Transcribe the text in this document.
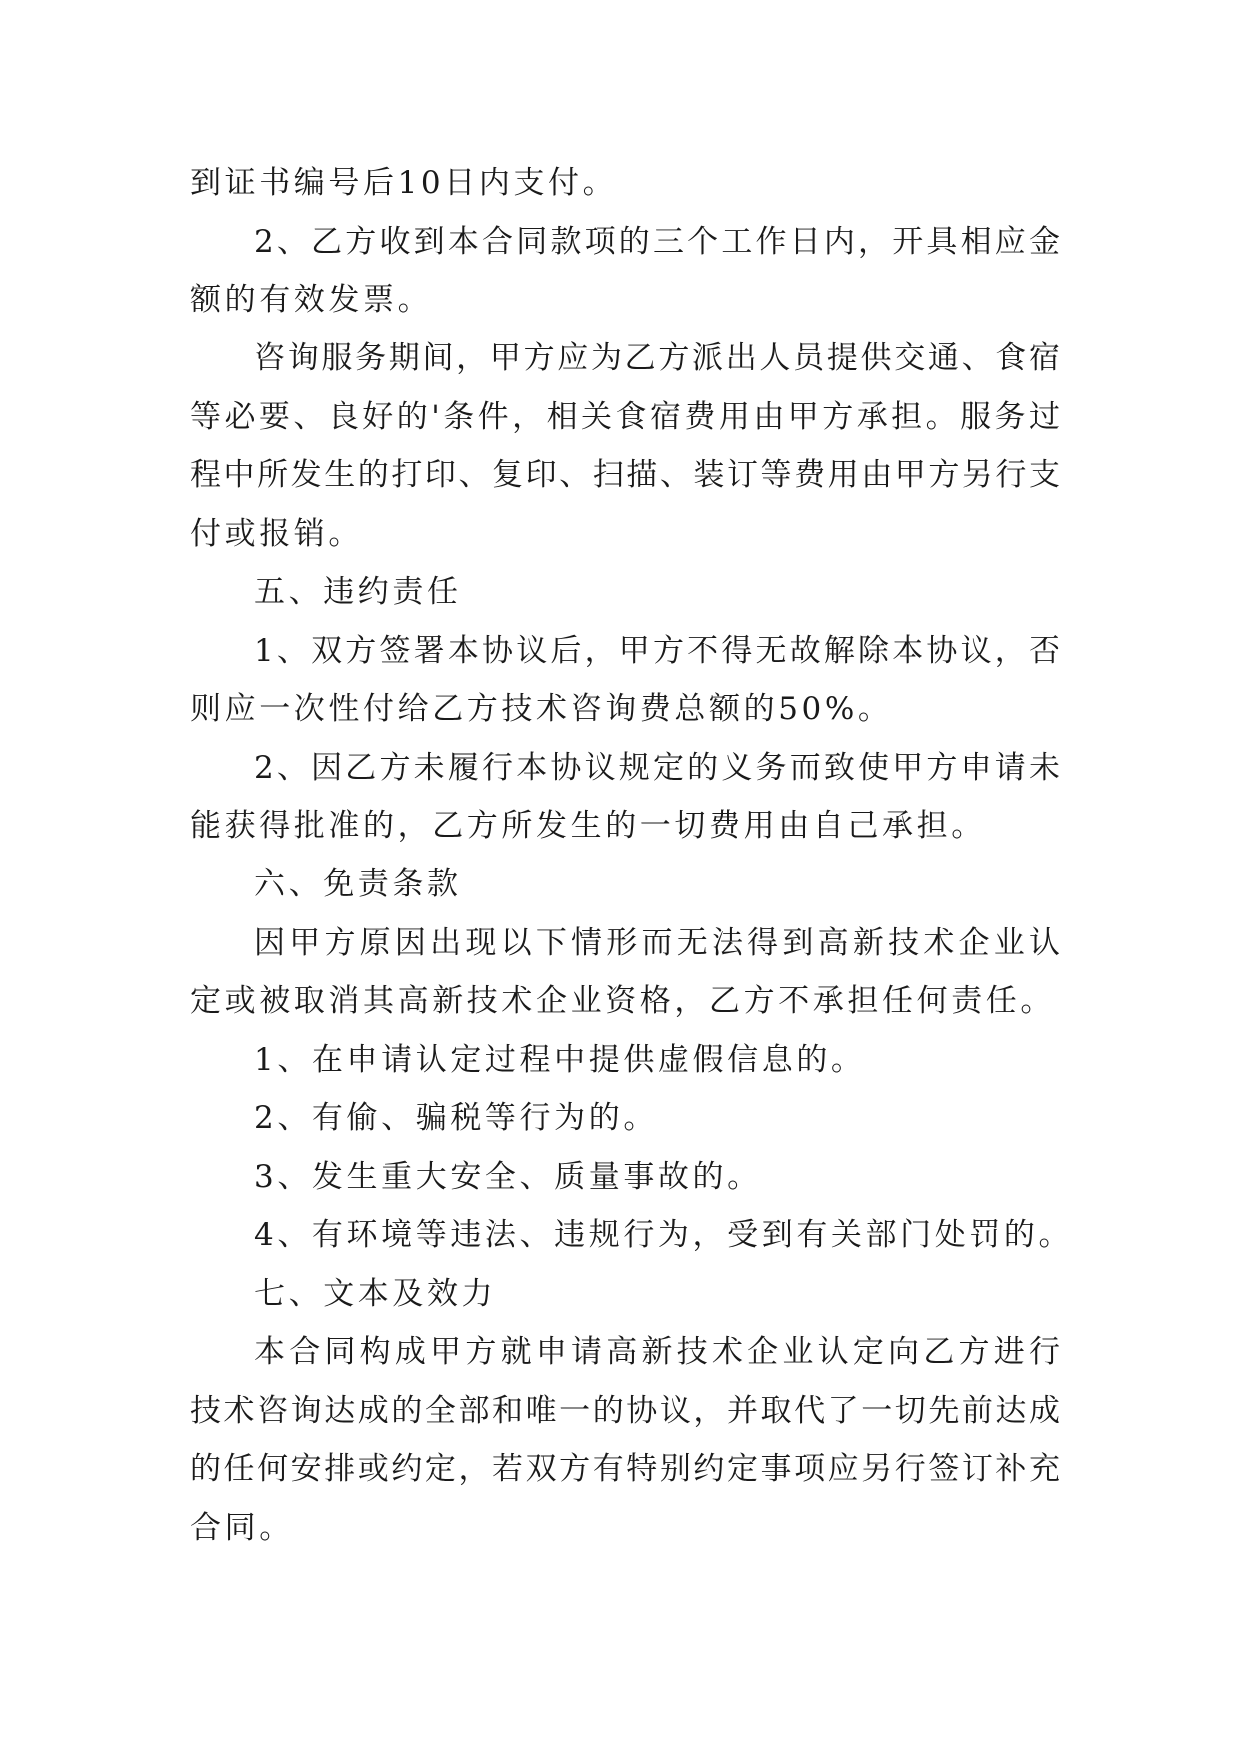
到证书编号后10日内支付。
2、乙方收到本合同款项的三个工作日内，开具相应金
额的有效发票。
咨询服务期间，甲方应为乙方派出人员提供交通、食宿
等必要、良好的'条件，相关食宿费用由甲方承担。服务过
程中所发生的打印、复印、扫描、装订等费用由甲方另行支
付或报销。
五、违约责任
1、双方签署本协议后，甲方不得无故解除本协议，否
则应一次性付给乙方技术咨询费总额的50%。
2、因乙方未履行本协议规定的义务而致使甲方申请未
能获得批准的，乙方所发生的一切费用由自己承担。
六、免责条款
因甲方原因出现以下情形而无法得到高新技术企业认
定或被取消其高新技术企业资格，乙方不承担任何责任。
1、在申请认定过程中提供虚假信息的。
2、有偷、骗税等行为的。
3、发生重大安全、质量事故的。
4、有环境等违法、违规行为，受到有关部门处罚的。
七、文本及效力
本合同构成甲方就申请高新技术企业认定向乙方进行
技术咨询达成的全部和唯一的协议，并取代了一切先前达成
的任何安排或约定，若双方有特别约定事项应另行签订补充
合同。
